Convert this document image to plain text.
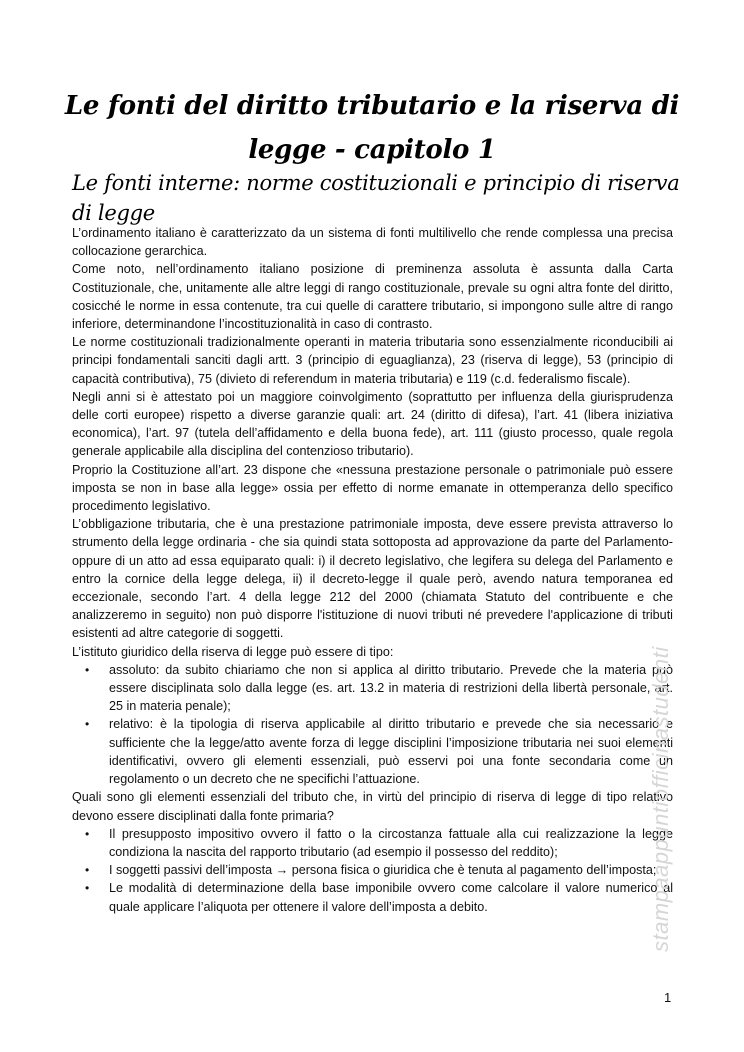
Le fonti del diritto tributario e la riserva di legge - capitolo 1
Le fonti interne: norme costituzionali e principio di riserva di legge

L’ordinamento italiano è caratterizzato da un sistema di fonti multilivello che rende complessa una precisa collocazione gerarchica.

Come noto, nell’ordinamento italiano posizione di preminenza assoluta è assunta dalla Carta Costituzionale, che, unitamente alle altre leggi di rango costituzionale, prevale su ogni altra fonte del diritto, cosicché le norme in essa contenute, tra cui quelle di carattere tributario, si impongono sulle altre di rango inferiore, determinandone l’incostituzionalità in caso di contrasto.

Le norme costituzionali tradizionalmente operanti in materia tributaria sono essenzialmente riconducibili ai principi fondamentali sanciti dagli artt. 3 (principio di eguaglianza), 23 (riserva di legge), 53 (principio di capacità contributiva), 75 (divieto di referendum in materia tributaria) e 119 (c.d. federalismo fiscale).

Negli anni si è attestato poi un maggiore coinvolgimento (soprattutto per influenza della giurisprudenza delle corti europee) rispetto a diverse garanzie quali: art. 24 (diritto di difesa), l’art. 41 (libera iniziativa economica), l’art. 97 (tutela dell’affidamento e della buona fede), art. 111 (giusto processo, quale regola generale applicabile alla disciplina del contenzioso tributario).

Proprio la Costituzione all’art. 23 dispone che «nessuna prestazione personale o patrimoniale può essere imposta se non in base alla legge» ossia per effetto di norme emanate in ottemperanza dello specifico procedimento legislativo.

L’obbligazione tributaria, che è una prestazione patrimoniale imposta, deve essere prevista attraverso lo strumento della legge ordinaria - che sia quindi stata sottoposta ad approvazione da parte del Parlamento- oppure di un atto ad essa equiparato quali: i) il decreto legislativo, che legifera su delega del Parlamento e entro la cornice della legge delega, ii) il decreto-legge il quale però, avendo natura temporanea ed eccezionale, secondo l’art. 4 della legge 212 del 2000 (chiamata Statuto del contribuente e che analizzeremo in seguito) non può disporre l'istituzione di nuovi tributi né prevedere l'applicazione di tributi esistenti ad altre categorie di soggetti.

L’istituto giuridico della riserva di legge può essere di tipo:

• assoluto: da subito chiariamo che non si applica al diritto tributario. Prevede che la materia può essere disciplinata solo dalla legge (es. art. 13.2 in materia di restrizioni della libertà personale, art. 25 in materia penale);
• relativo: è la tipologia di riserva applicabile al diritto tributario e prevede che sia necessario e sufficiente che la legge/atto avente forza di legge disciplini l’imposizione tributaria nei suoi elementi identificativi, ovvero gli elementi essenziali, può esservi poi una fonte secondaria come un regolamento o un decreto che ne specifichi l’attuazione.

Quali sono gli elementi essenziali del tributo che, in virtù del principio di riserva di legge di tipo relativo devono essere disciplinati dalla fonte primaria?

• Il presupposto impositivo ovvero il fatto o la circostanza fattuale alla cui realizzazione la legge condiziona la nascita del rapporto tributario (ad esempio il possesso del reddito);
• I soggetti passivi dell’imposta → persona fisica o giuridica che è tenuta al pagamento dell’imposta;
• Le modalità di determinazione della base imponibile ovvero come calcolare il valore numerico al quale applicare l’aliquota per ottenere il valore dell’imposta a debito.	stampaappuntiofficinastudenti
1
